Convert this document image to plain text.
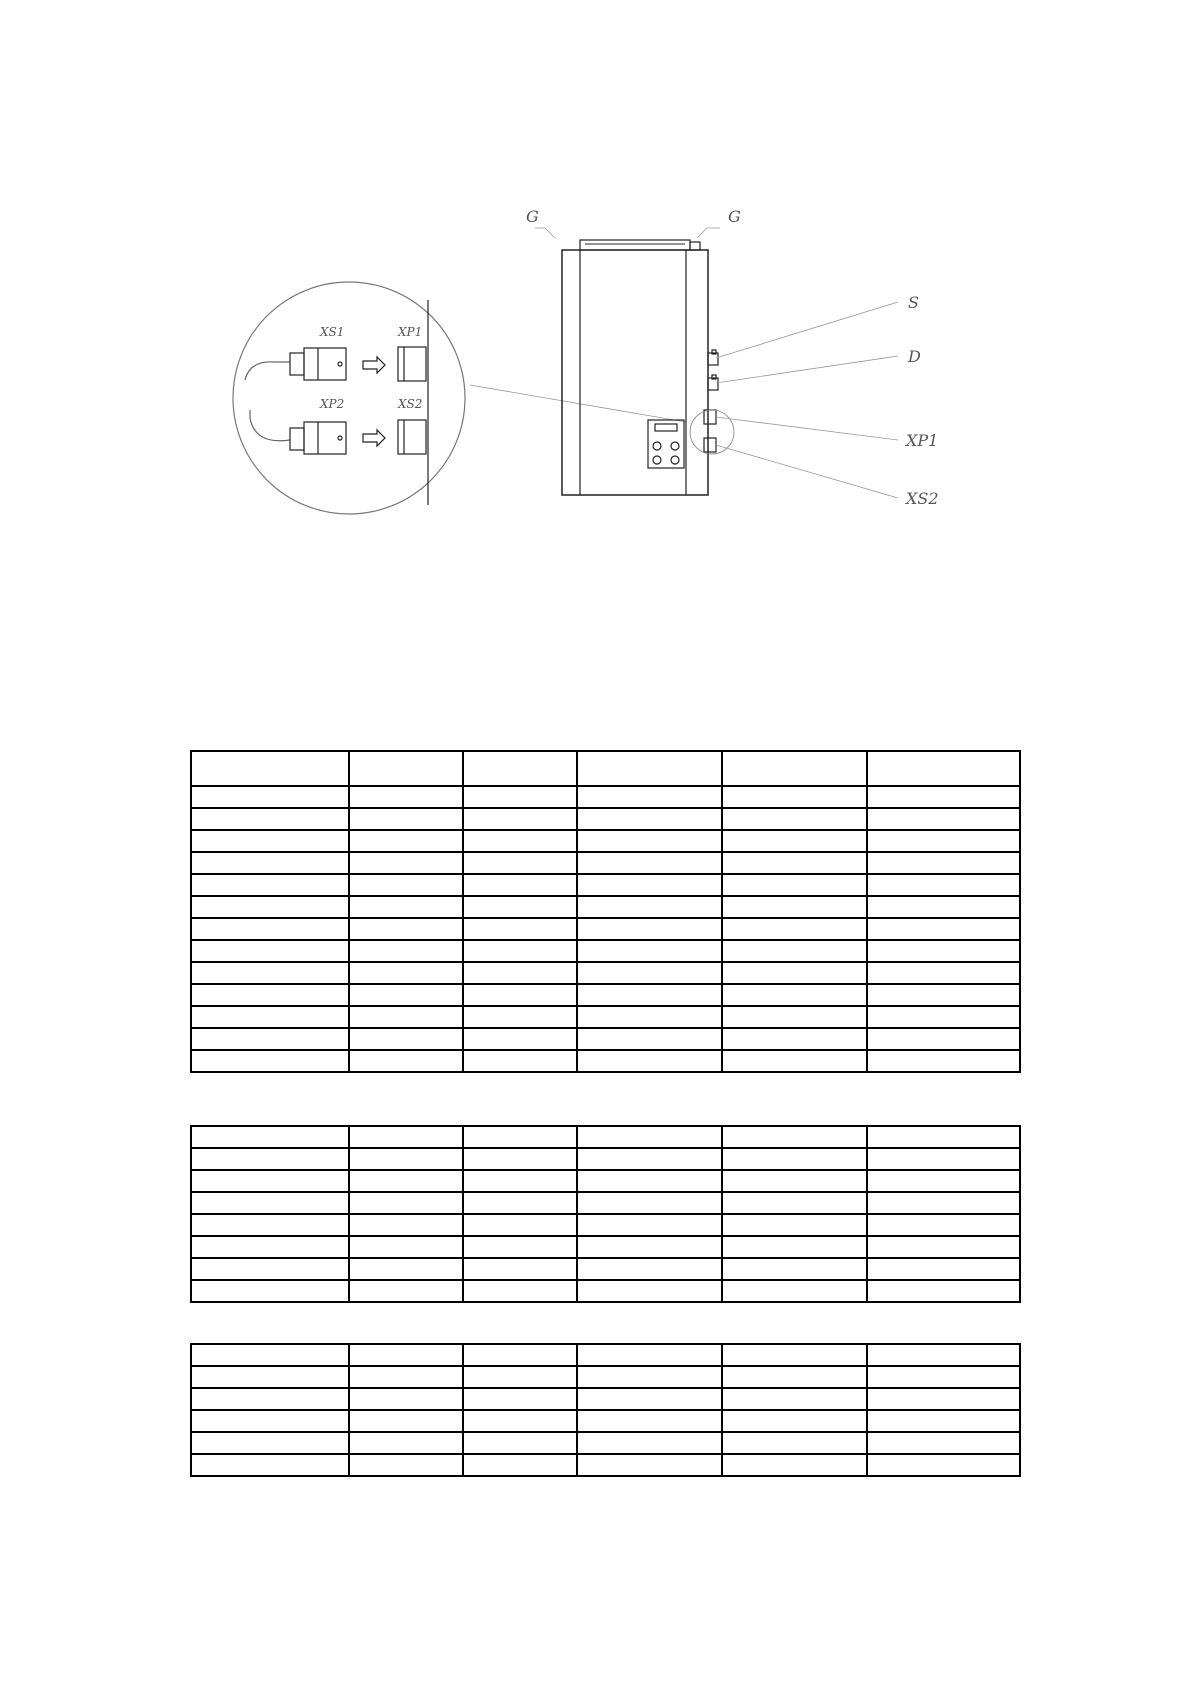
G	G
S
D
XP1
XS2
XS1	XP1
XP2	XS2
